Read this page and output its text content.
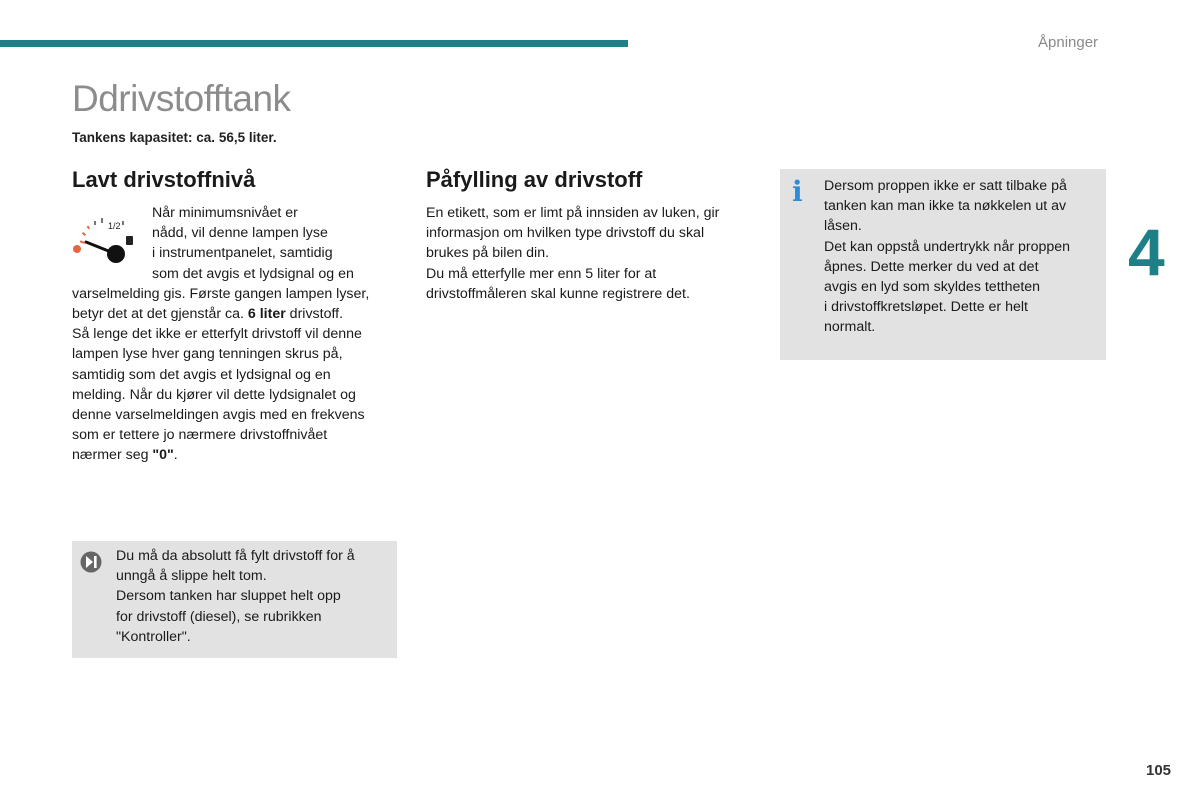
Åpninger
Ddrivstofftank
Tankens kapasitet: ca. 56,5 liter.
Lavt drivstoffnivå
1/2
Når minimumsnivået er
nådd, vil denne lampen lyse
i instrumentpanelet, samtidig
som det avgis et lydsignal og en
varselmelding gis. Første gangen lampen lyser,
betyr det at det gjenstår ca. 6 liter drivstoff.
Så lenge det ikke er etterfylt drivstoff vil denne
lampen lyse hver gang tenningen skrus på,
samtidig som det avgis et lydsignal og en
melding. Når du kjører vil dette lydsignalet og
denne varselmeldingen avgis med en frekvens
som er tettere jo nærmere drivstoffnivået
nærmer seg "0".
Påfylling av drivstoff
En etikett, som er limt på innsiden av luken, gir
informasjon om hvilken type drivstoff du skal
brukes på bilen din.
Du må etterfylle mer enn 5 liter for at
drivstoffmåleren skal kunne registrere det.
i Dersom proppen ikke er satt tilbake på
tanken kan man ikke ta nøkkelen ut av
låsen.
Det kan oppstå undertrykk når proppen
åpnes. Dette merker du ved at det
avgis en lyd som skyldes tettheten
i drivstoffkretsløpet. Dette er helt
normalt.
4
Du må da absolutt få fylt drivstoff for å
unngå å slippe helt tom.
Dersom tanken har sluppet helt opp
for drivstoff (diesel), se rubrikken
"Kontroller".
105
